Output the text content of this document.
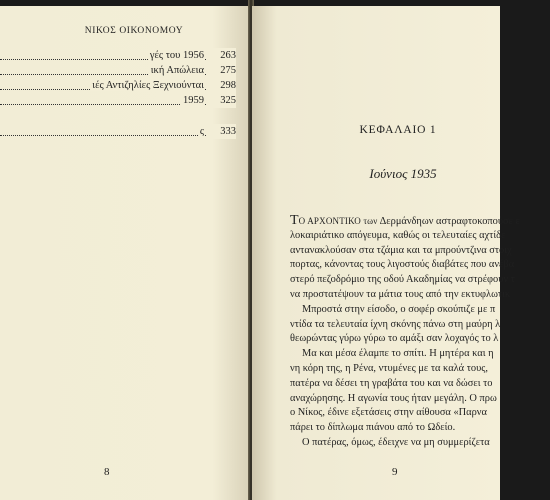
ΝΙΚΟΣ ΟΙΚΟΝΟΜΟΥ
γές του 1956	263
ική Απώλεια	275
ιές Αντιζηλίες Ξεχνιούνται	298
1959	325
ς	333
8
ΚΕΦΑΛΑΙΟ 1
Ιούνιος 1935
ΤΟ ΑΡΧΟΝΤΙΚΟ των Δερμάνδηων αστραφτοκοπούσε ε
λοκαιριάτικο απόγευμα, καθώς οι τελευταίες αχτίδε
αντανακλούσαν στα τζάμια και τα μπρούντζινα στοιχ
πορτας, κάνοντας τους λιγοστούς διαβάτες που ανέβα
στερό πεζοδρόμιο της οδού Ακαδημίας να στρέφουν τ
να προστατέψουν τα μάτια τους από την εκτυφλωτικ
Μπροστά στην είσοδο, ο σοφέρ σκούπιζε με π
ντίδα τα τελευταία ίχνη σκόνης πάνω στη μαύρη λ
θεωρώντας γύρω γύρω το αμάξι σαν λοχαγός το λ
Μα και μέσα έλαμπε το σπίτι. Η μητέρα και η
νη κόρη της, η Ρένα, ντυμένες με τα καλά τους,
πατέρα να δέσει τη γραβάτα του και να δώσει το
αναχώρησης. Η αγωνία τους ήταν μεγάλη. Ο πρω
ο Νίκος, έδινε εξετάσεις στην αίθουσα «Παρνα
πάρει το δίπλωμα πιάνου από το Ωδείο.
Ο πατέρας, όμως, έδειχνε να μη συμμερίζετα
9
